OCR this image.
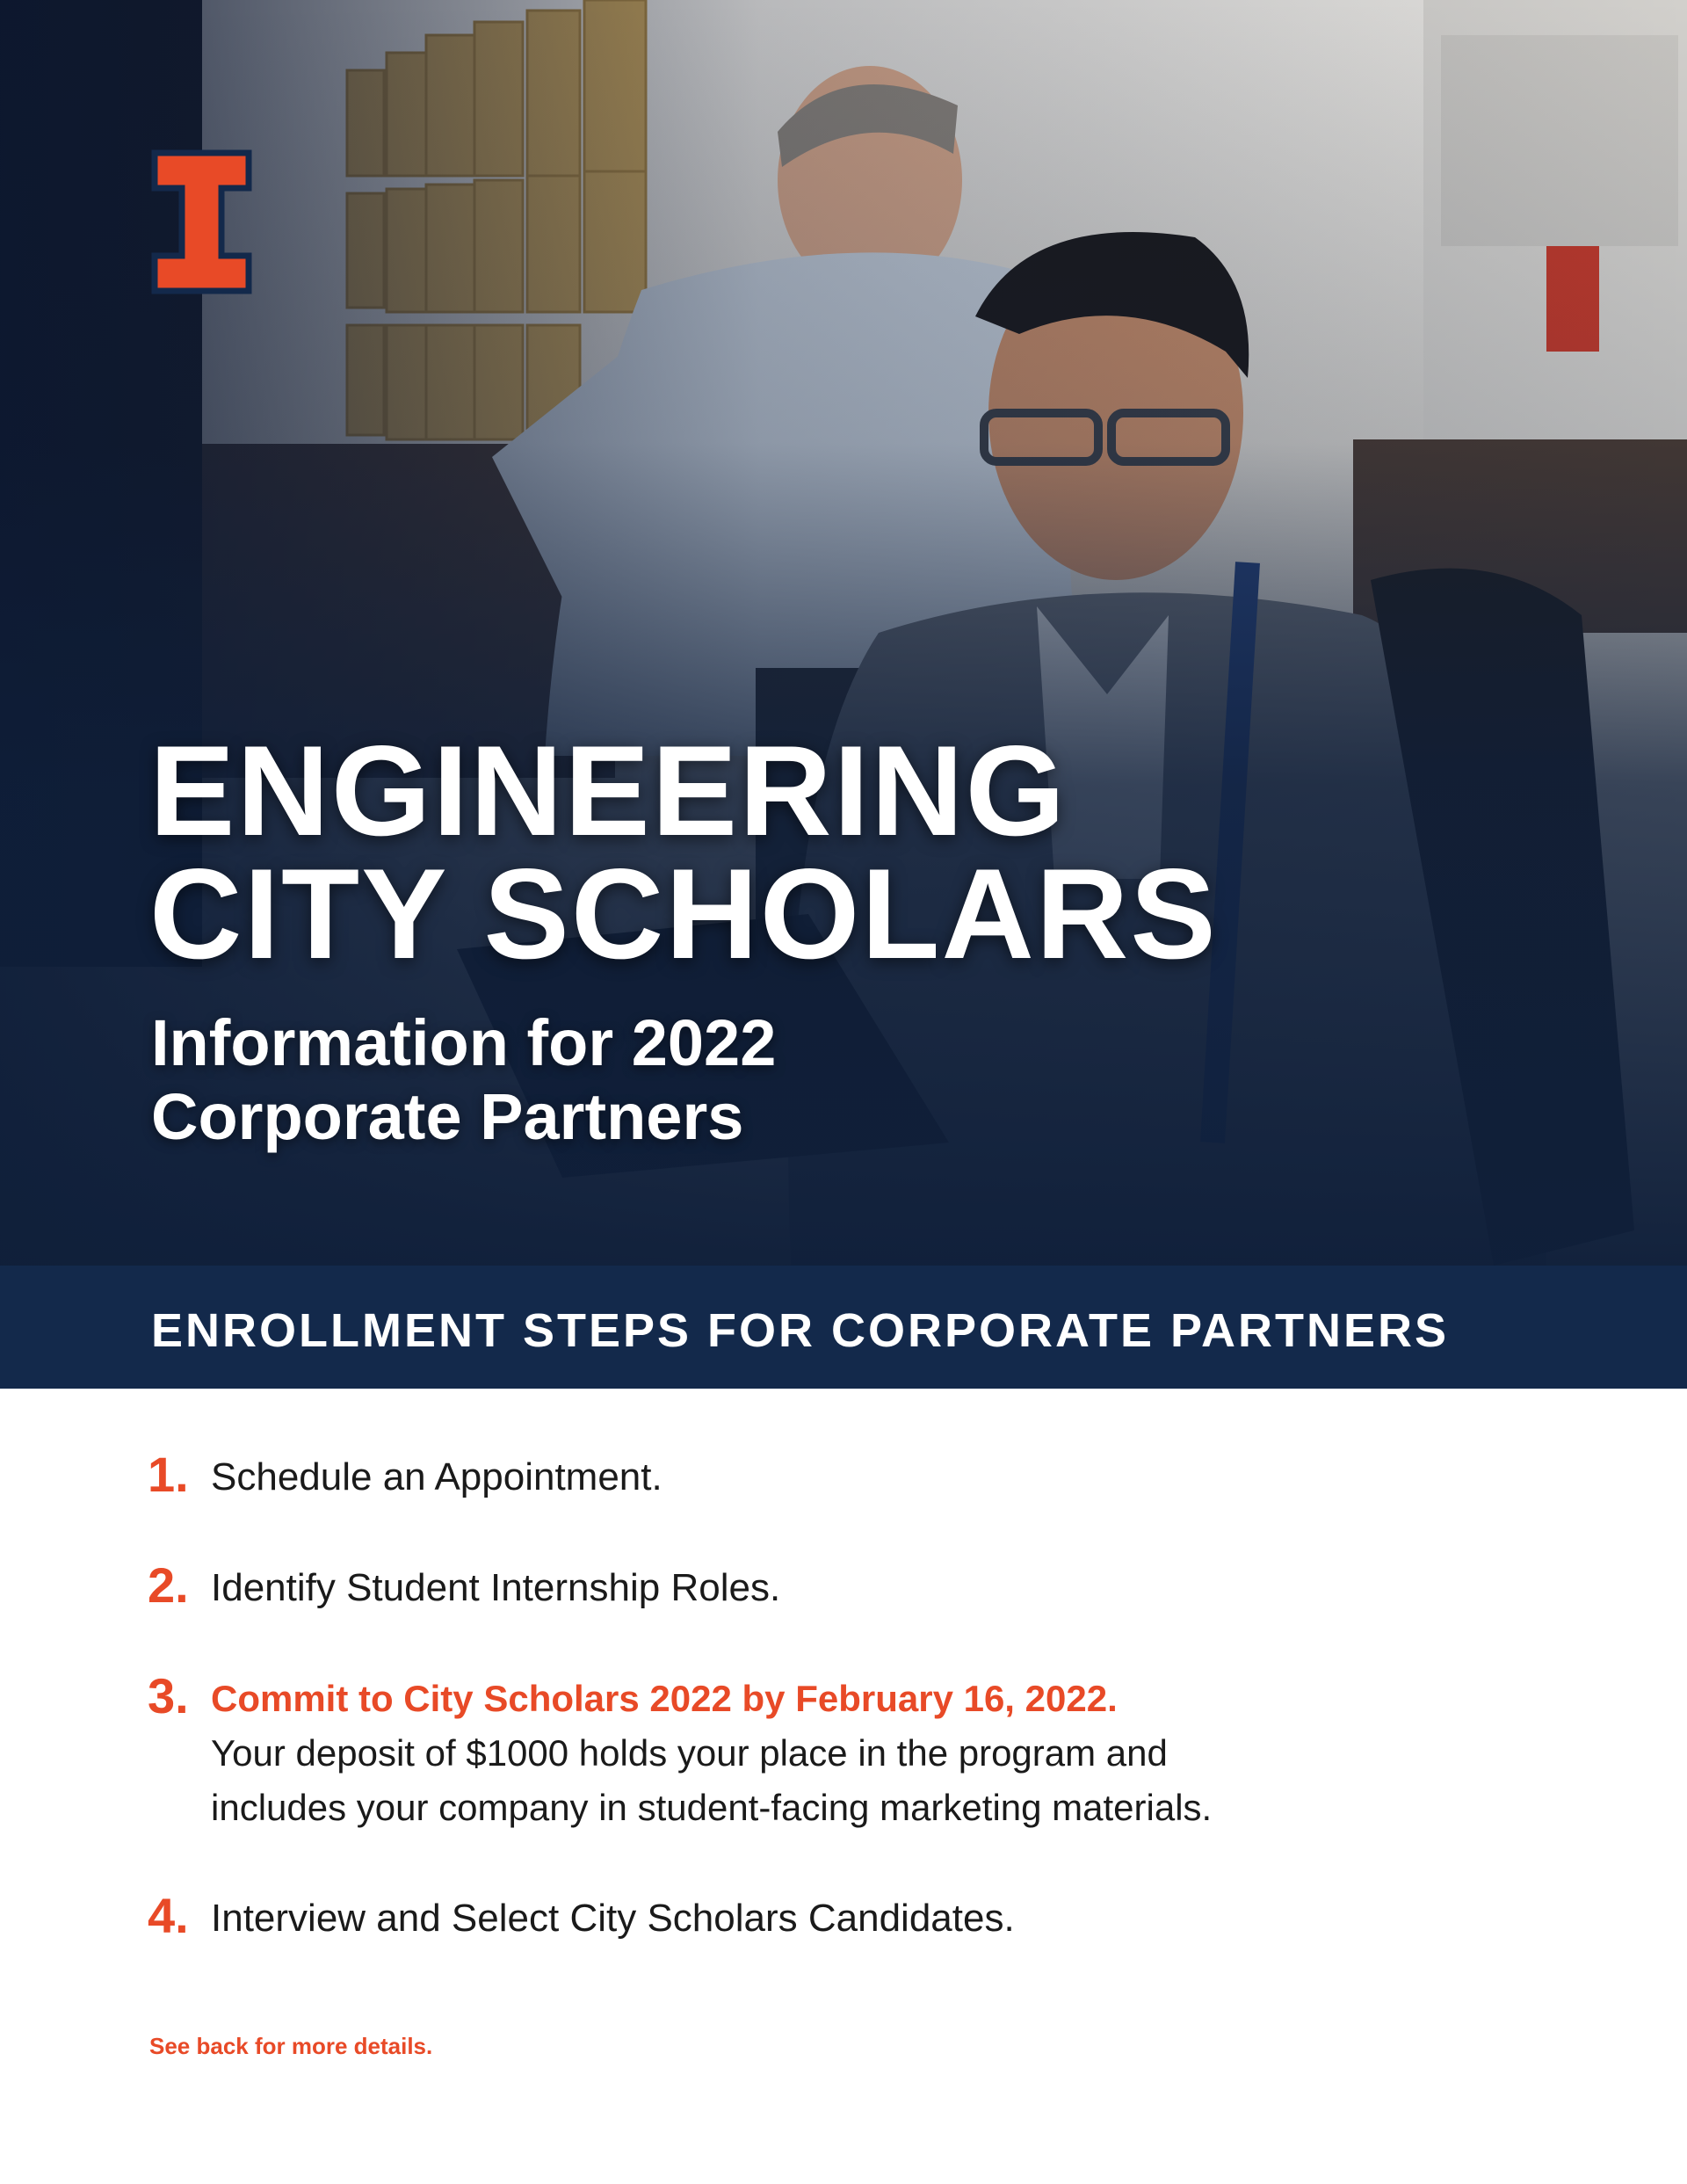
ENGINEERING
CITY SCHOLARS
Information for 2022
Corporate Partners
ENROLLMENT STEPS FOR CORPORATE PARTNERS
1. Schedule an Appointment.
2. Identify Student Internship Roles.
3. Commit to City Scholars 2022 by February 16, 2022.
Your deposit of $1000 holds your place in the program and
includes your company in student-facing marketing materials.
4. Interview and Select City Scholars Candidates.
See back for more details.
